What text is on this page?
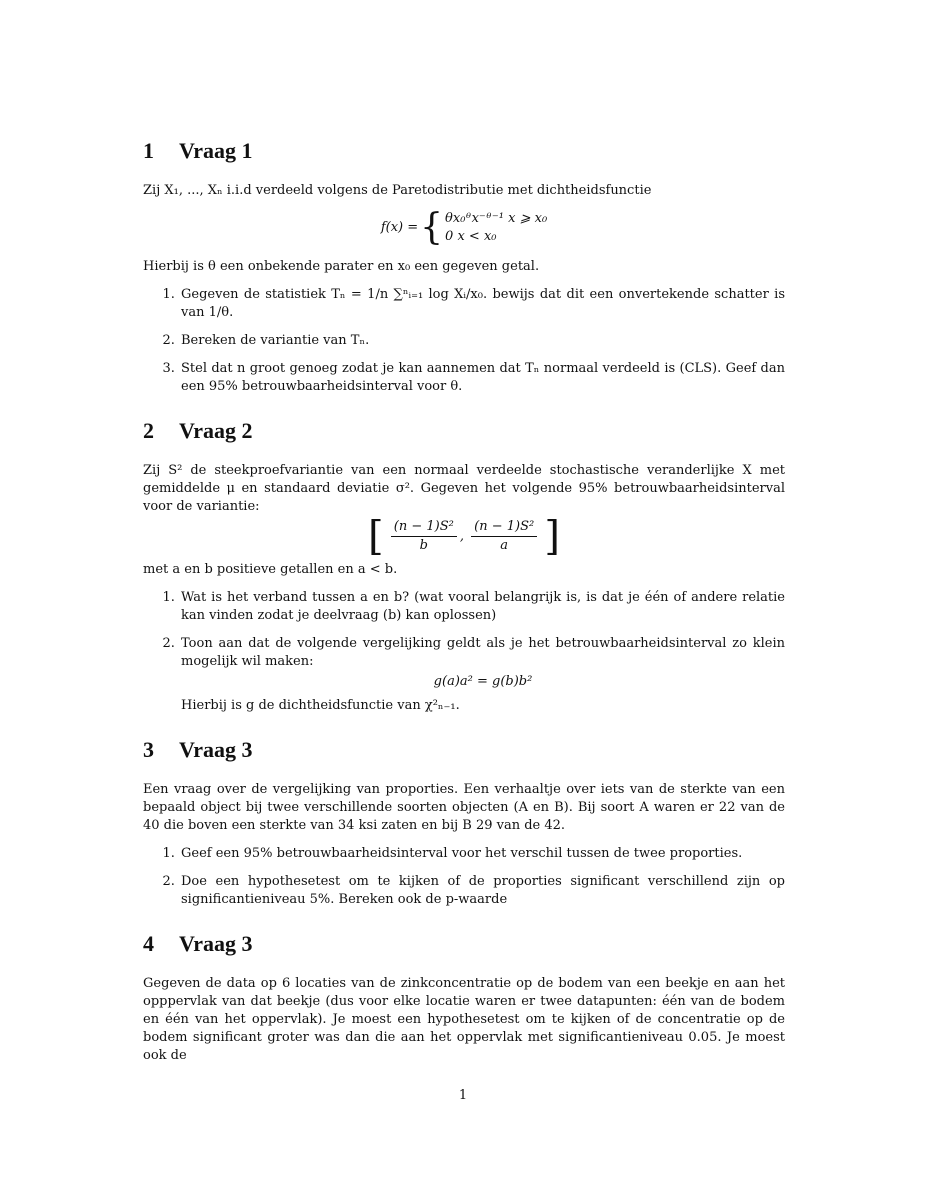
1 Vraag 1

Zij X₁, ..., Xₙ i.i.d verdeeld volgens de Paretodistributie met dichtheidsfunctie

f(x) = { θx₀ᶿx⁻ᶿ⁻¹ x ⩾ x₀
0 x < x₀

Hierbij is θ een onbekende parater en x₀ een gegeven getal.

1. Gegeven de statistiek Tₙ = 1/n ∑ⁿᵢ₌₁ log Xᵢ/x₀. bewijs dat dit een onvertekende schatter is van 1/θ.
2. Bereken de variantie van Tₙ.
3. Stel dat n groot genoeg zodat je kan aannemen dat Tₙ normaal verdeeld is (CLS). Geef dan een 95% betrouwbaarheidsinterval voor θ.
2 Vraag 2

Zij S² de steekproefvariantie van een normaal verdeelde stochastische veranderlijke X met gemiddelde μ en standaard deviatie σ². Gegeven het volgende 95% betrouwbaarheidsinterval voor de variantie:

[ $\frac{\text{(n − 1)S²}}{b}$ , $\frac{\text{(n − 1)S²}}{a}$ ]

met a en b positieve getallen en a < b.

1. Wat is het verband tussen a en b? (wat vooral belangrijk is, is dat je één of andere relatie kan vinden zodat je deelvraag (b) kan oplossen)
2. Toon aan dat de volgende vergelijking geldt als je het betrouwbaarheidsinterval zo klein mogelijk wil maken:
g(a)a² = g(b)b²
Hierbij is g de dichtheidsfunctie van χ²ₙ₋₁.
3 Vraag 3

Een vraag over de vergelijking van proporties. Een verhaaltje over iets van de sterkte van een bepaald object bij twee verschillende soorten objecten (A en B). Bij soort A waren er 22 van de 40 die boven een sterkte van 34 ksi zaten en bij B 29 van de 42.

1. Geef een 95% betrouwbaarheidsinterval voor het verschil tussen de twee proporties.
2. Doe een hypothesetest om te kijken of de proporties significant verschillend zijn op significantieniveau 5%. Bereken ook de p-waarde
4 Vraag 3

Gegeven de data op 6 locaties van de zinkconcentratie op de bodem van een beekje en aan het opppervlak van dat beekje (dus voor elke locatie waren er twee datapunten: één van de bodem en één van het oppervlak). Je moest een hypothesetest om te kijken of de concentratie op de bodem significant groter was dan die aan het oppervlak met significantieniveau 0.05. Je moest ook de

1
